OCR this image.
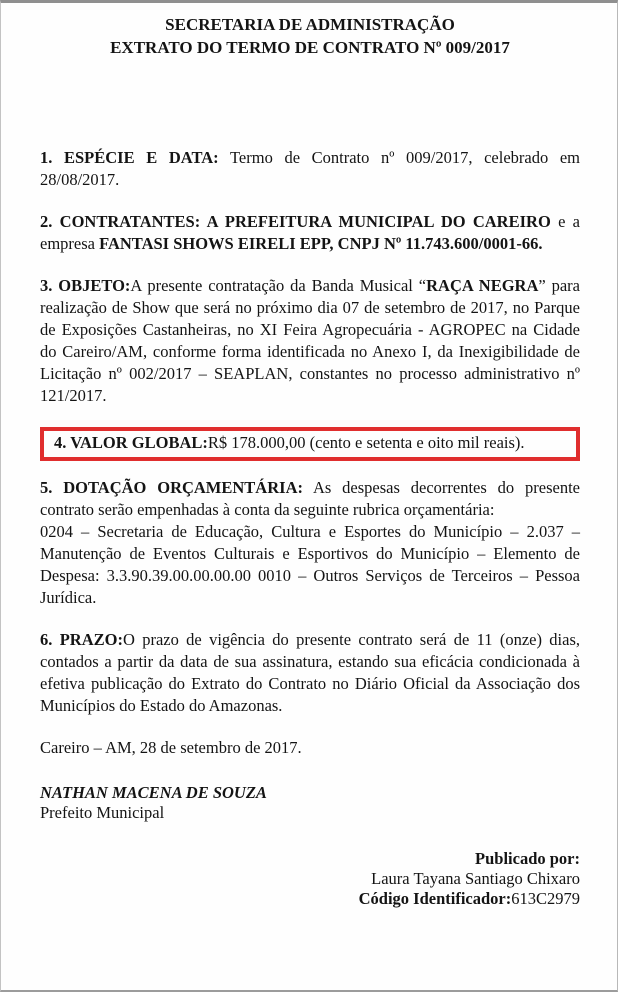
SECRETARIA DE ADMINISTRAÇÃO
EXTRATO DO TERMO DE CONTRATO Nº 009/2017

1. ESPÉCIE E DATA: Termo de Contrato nº 009/2017, celebrado em 28/08/2017.

2. CONTRATANTES: A PREFEITURA MUNICIPAL DO CAREIRO e a empresa FANTASI SHOWS EIRELI EPP, CNPJ Nº 11.743.600/0001-66.

3. OBJETO:A presente contratação da Banda Musical “RAÇA NEGRA” para realização de Show que será no próximo dia 07 de setembro de 2017, no Parque de Exposições Castanheiras, no XI Feira Agropecuária - AGROPEC na Cidade do Careiro/AM, conforme forma identificada no Anexo I, da Inexigibilidade de Licitação nº 002/2017 – SEAPLAN, constantes no processo administrativo nº 121/2017.

4. VALOR GLOBAL:R$ 178.000,00 (cento e setenta e oito mil reais).

5. DOTAÇÃO ORÇAMENTÁRIA: As despesas decorrentes do presente contrato serão empenhadas à conta da seguinte rubrica orçamentária:
0204 – Secretaria de Educação, Cultura e Esportes do Município – 2.037 – Manutenção de Eventos Culturais e Esportivos do Município – Elemento de Despesa: 3.3.90.39.00.00.00.00 0010 – Outros Serviços de Terceiros – Pessoa Jurídica.

6. PRAZO:O prazo de vigência do presente contrato será de 11 (onze) dias, contados a partir da data de sua assinatura, estando sua eficácia condicionada à efetiva publicação do Extrato do Contrato no Diário Oficial da Associação dos Municípios do Estado do Amazonas.

Careiro – AM, 28 de setembro de 2017.

NATHAN MACENA DE SOUZA
Prefeito Municipal
Publicado por:
Laura Tayana Santiago Chixaro
Código Identificador:613C2979
